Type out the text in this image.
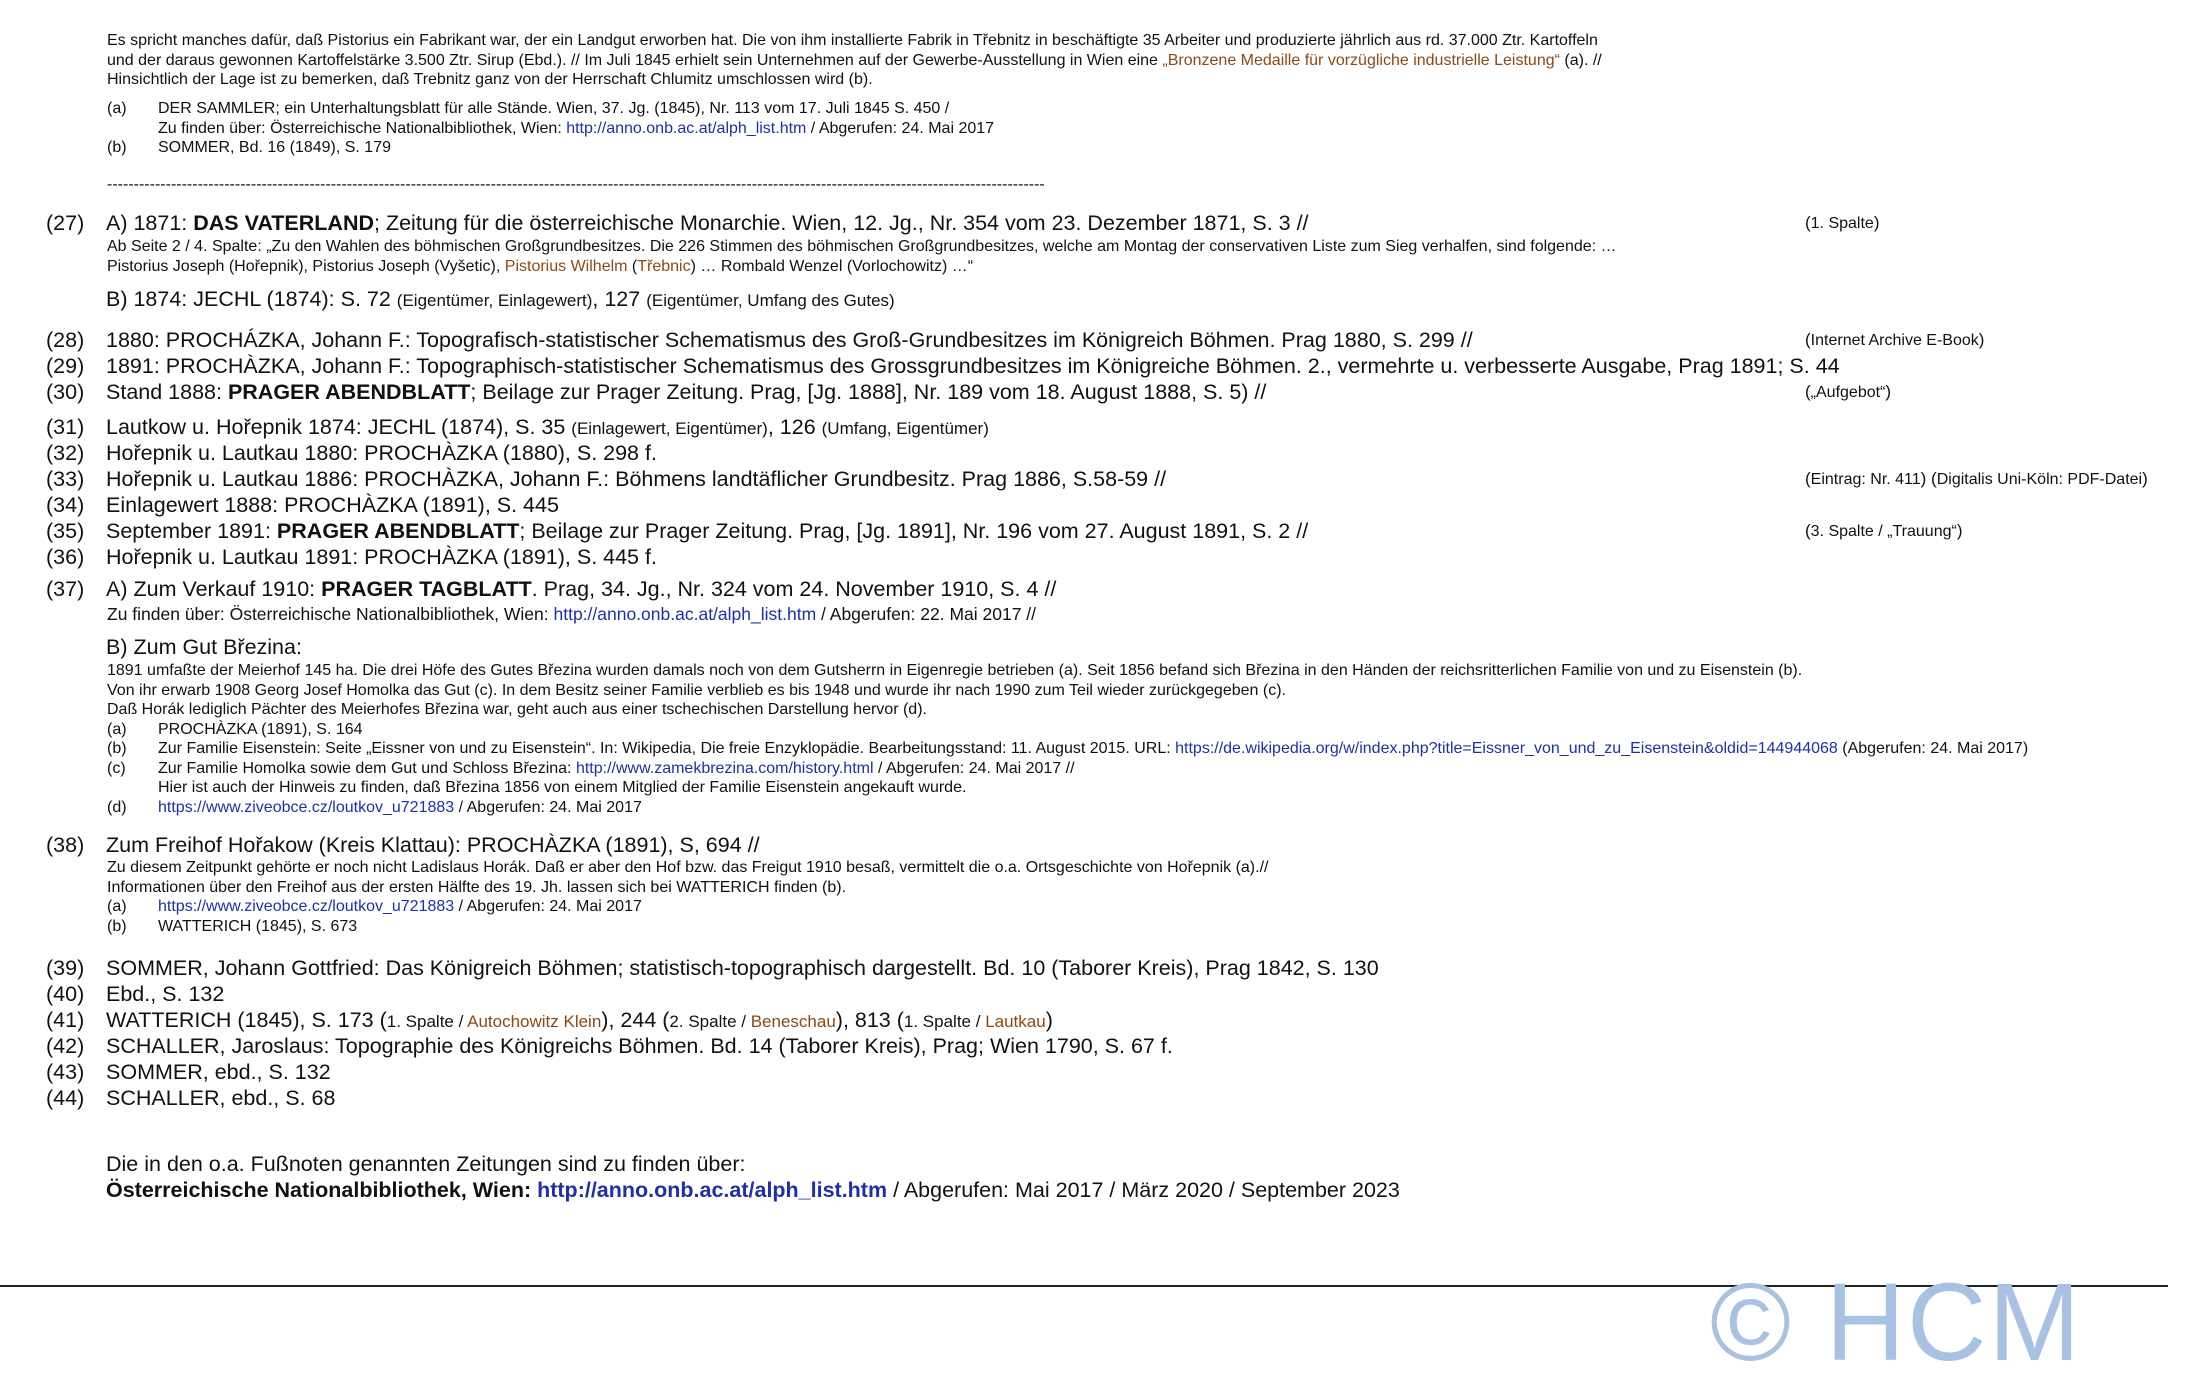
Es spricht manches dafür, daß Pistorius ein Fabrikant war, der ein Landgut erworben hat. Die von ihm installierte Fabrik in Třebnitz in beschäftigte 35 Arbeiter und produzierte jährlich aus rd. 37.000 Ztr. Kartoffeln
und der daraus gewonnen Kartoffelstärke 3.500 Ztr. Sirup (Ebd.). // Im Juli 1845 erhielt sein Unternehmen auf der Gewerbe-Ausstellung in Wien eine „Bronzene Medaille für vorzügliche industrielle Leistung“ (a). //
Hinsichtlich der Lage ist zu bemerken, daß Trebnitz ganz von der Herrschaft Chlumitz umschlossen wird (b).
(a) DER SAMMLER; ein Unterhaltungsblatt für alle Stände. Wien, 37. Jg. (1845), Nr. 113 vom 17. Juli 1845 S. 450 /
Zu finden über: Österreichische Nationalbibliothek, Wien: http://anno.onb.ac.at/alph_list.htm / Abgerufen: 24. Mai 2017
(b) SOMMER, Bd. 16 (1849), S. 179
--------------------------------------------------------------------------------------------------------------------------------------------------------------------------------
(27) A) 1871: DAS VATERLAND; Zeitung für die österreichische Monarchie. Wien, 12. Jg., Nr. 354 vom 23. Dezember 1871, S. 3 //	(1. Spalte)
Ab Seite 2 / 4. Spalte: „Zu den Wahlen des böhmischen Großgrundbesitzes. Die 226 Stimmen des böhmischen Großgrundbesitzes, welche am Montag der conservativen Liste zum Sieg verhalfen, sind folgende: …
Pistorius Joseph (Hořepnik), Pistorius Joseph (Vyšetic), Pistorius Wilhelm (Třebnic) … Rombald Wenzel (Vorlochowitz) …“
B) 1874: JECHL (1874): S. 72 (Eigentümer, Einlagewert), 127 (Eigentümer, Umfang des Gutes)
(28) 1880: PROCHÁZKA, Johann F.: Topografisch-statistischer Schematismus des Groß-Grundbesitzes im Königreich Böhmen. Prag 1880, S. 299 //	(Internet Archive E-Book)
(29) 1891: PROCHÀZKA, Johann F.: Topographisch-statistischer Schematismus des Grossgrundbesitzes im Königreiche Böhmen. 2., vermehrte u. verbesserte Ausgabe, Prag 1891; S. 44
(30) Stand 1888: PRAGER ABENDBLATT; Beilage zur Prager Zeitung. Prag, [Jg. 1888], Nr. 189 vom 18. August 1888, S. 5) //	(„Aufgebot“)
(31) Lautkow u. Hořepnik 1874: JECHL (1874), S. 35 (Einlagewert, Eigentümer), 126 (Umfang, Eigentümer)
(32) Hořepnik u. Lautkau 1880: PROCHÀZKA (1880), S. 298 f.
(33) Hořepnik u. Lautkau 1886: PROCHÀZKA, Johann F.: Böhmens landtäflicher Grundbesitz. Prag 1886, S.58-59 //	(Eintrag: Nr. 411) (Digitalis Uni-Köln: PDF-Datei)
(34) Einlagewert 1888: PROCHÀZKA (1891), S. 445
(35) September 1891: PRAGER ABENDBLATT; Beilage zur Prager Zeitung. Prag, [Jg. 1891], Nr. 196 vom 27. August 1891, S. 2 //	(3. Spalte / „Trauung“)
(36) Hořepnik u. Lautkau 1891: PROCHÀZKA (1891), S. 445 f.
(37) A) Zum Verkauf 1910: PRAGER TAGBLATT. Prag, 34. Jg., Nr. 324 vom 24. November 1910, S. 4 //
Zu finden über: Österreichische Nationalbibliothek, Wien: http://anno.onb.ac.at/alph_list.htm / Abgerufen: 22. Mai 2017 //
B) Zum Gut Březina:
1891 umfaßte der Meierhof 145 ha. Die drei Höfe des Gutes Březina wurden damals noch von dem Gutsherrn in Eigenregie betrieben (a). Seit 1856 befand sich Březina in den Händen der reichsritterlichen Familie von und zu Eisenstein (b).
Von ihr erwarb 1908 Georg Josef Homolka das Gut (c). In dem Besitz seiner Familie verblieb es bis 1948 und wurde ihr nach 1990 zum Teil wieder zurückgegeben (c).
Daß Horák lediglich Pächter des Meierhofes Březina war, geht auch aus einer tschechischen Darstellung hervor (d).
(a) PROCHÀZKA (1891), S. 164
(b) Zur Familie Eisenstein: Seite „Eissner von und zu Eisenstein“. In: Wikipedia, Die freie Enzyklopädie. Bearbeitungsstand: 11. August 2015. URL: https://de.wikipedia.org/w/index.php?title=Eissner_von_und_zu_Eisenstein&oldid=144944068 (Abgerufen: 24. Mai 2017)
(c) Zur Familie Homolka sowie dem Gut und Schloss Březina: http://www.zamekbrezina.com/history.html / Abgerufen: 24. Mai 2017 //
Hier ist auch der Hinweis zu finden, daß Březina 1856 von einem Mitglied der Familie Eisenstein angekauft wurde.
(d) https://www.ziveobce.cz/loutkov_u721883 / Abgerufen: 24. Mai 2017
(38) Zum Freihof Hořakow (Kreis Klattau): PROCHÀZKA (1891), S, 694 //
Zu diesem Zeitpunkt gehörte er noch nicht Ladislaus Horák. Daß er aber den Hof bzw. das Freigut 1910 besaß, vermittelt die o.a. Ortsgeschichte von Hořepnik (a).//
Informationen über den Freihof aus der ersten Hälfte des 19. Jh. lassen sich bei WATTERICH finden (b).
(a) https://www.ziveobce.cz/loutkov_u721883 / Abgerufen: 24. Mai 2017
(b) WATTERICH (1845), S. 673
(39) SOMMER, Johann Gottfried: Das Königreich Böhmen; statistisch-topographisch dargestellt. Bd. 10 (Taborer Kreis), Prag 1842, S. 130
(40) Ebd., S. 132
(41) WATTERICH (1845), S. 173 (1. Spalte / Autochowitz Klein), 244 (2. Spalte / Beneschau), 813 (1. Spalte / Lautkau)
(42) SCHALLER, Jaroslaus: Topographie des Königreichs Böhmen. Bd. 14 (Taborer Kreis), Prag; Wien 1790, S. 67 f.
(43) SOMMER, ebd., S. 132
(44) SCHALLER, ebd., S. 68
Die in den o.a. Fußnoten genannten Zeitungen sind zu finden über:
Österreichische Nationalbibliothek, Wien: http://anno.onb.ac.at/alph_list.htm / Abgerufen: Mai 2017 / März 2020 / September 2023
© HCM
